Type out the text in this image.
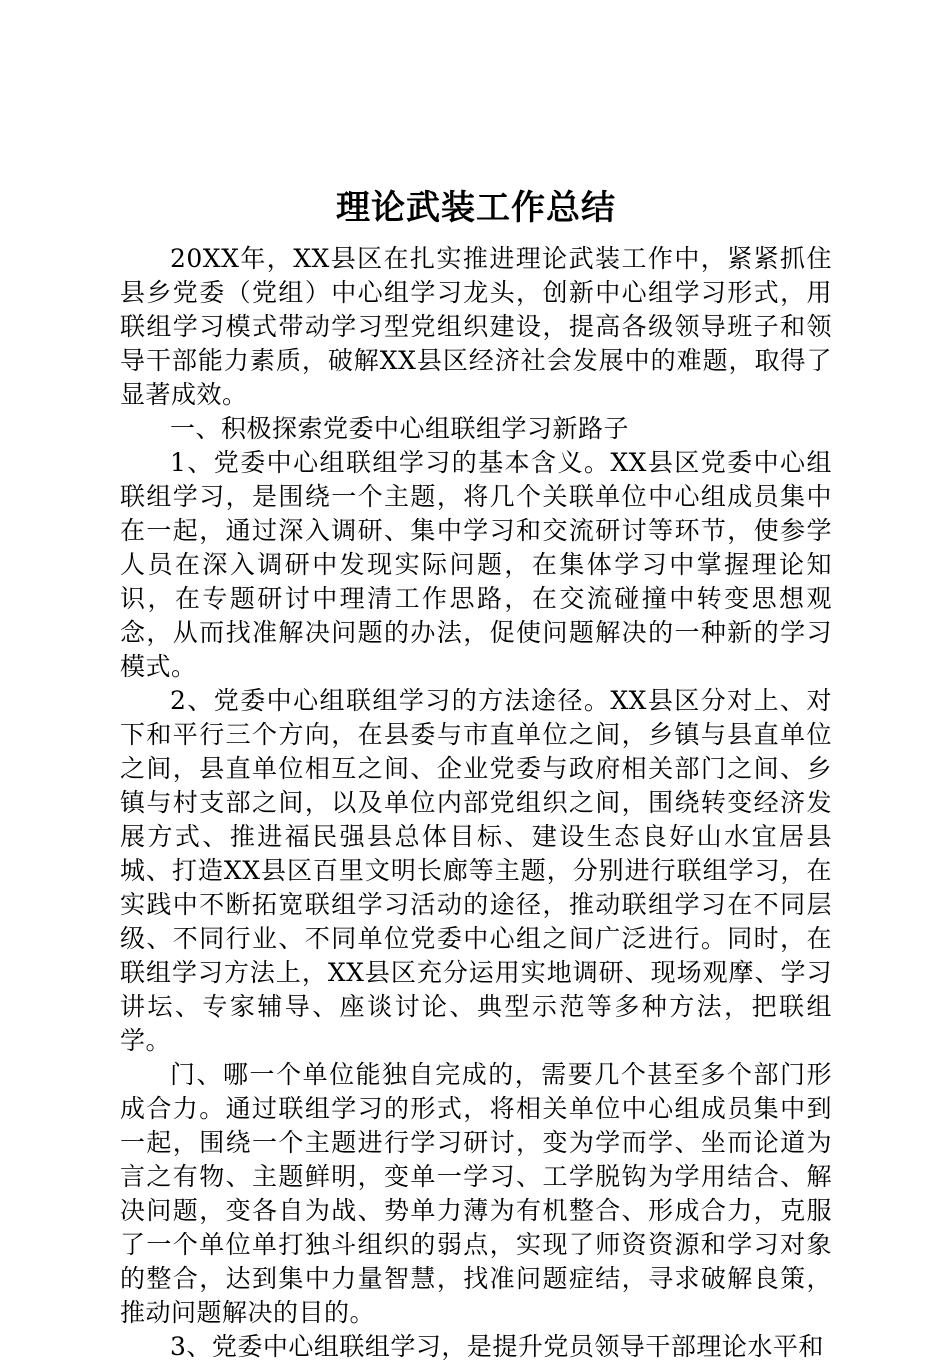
理论武装工作总结

20XX年，XX县区在扎实推进理论武装工作中，紧紧抓住县乡党委（党组）中心组学习龙头，创新中心组学习形式，用联组学习模式带动学习型党组织建设，提高各级领导班子和领导干部能力素质，破解XX县区经济社会发展中的难题，取得了显著成效。

一、积极探索党委中心组联组学习新路子

1、党委中心组联组学习的基本含义。XX县区党委中心组联组学习，是围绕一个主题，将几个关联单位中心组成员集中在一起，通过深入调研、集中学习和交流研讨等环节，使参学人员在深入调研中发现实际问题，在集体学习中掌握理论知识，在专题研讨中理清工作思路，在交流碰撞中转变思想观念，从而找准解决问题的办法，促使问题解决的一种新的学习模式。

2、党委中心组联组学习的方法途径。XX县区分对上、对下和平行三个方向，在县委与市直单位之间，乡镇与县直单位之间，县直单位相互之间、企业党委与政府相关部门之间、乡镇与村支部之间，以及单位内部党组织之间，围绕转变经济发展方式、推进福民强县总体目标、建设生态良好山水宜居县城、打造XX县区百里文明长廊等主题，分别进行联组学习，在实践中不断拓宽联组学习活动的途径，推动联组学习在不同层级、不同行业、不同单位党委中心组之间广泛进行。同时，在联组学习方法上，XX县区充分运用实地调研、现场观摩、学习讲坛、专家辅导、座谈讨论、典型示范等多种方法，把联组学。

门、哪一个单位能独自完成的，需要几个甚至多个部门形成合力。通过联组学习的形式，将相关单位中心组成员集中到一起，围绕一个主题进行学习研讨，变为学而学、坐而论道为言之有物、主题鲜明，变单一学习、工学脱钩为学用结合、解决问题，变各自为战、势单力薄为有机整合、形成合力，克服了一个单位单打独斗组织的弱点，实现了师资资源和学习对象的整合，达到集中力量智慧，找准问题症结，寻求破解良策，推动问题解决的目的。

3、党委中心组联组学习，是提升党员领导干部理论水平和
